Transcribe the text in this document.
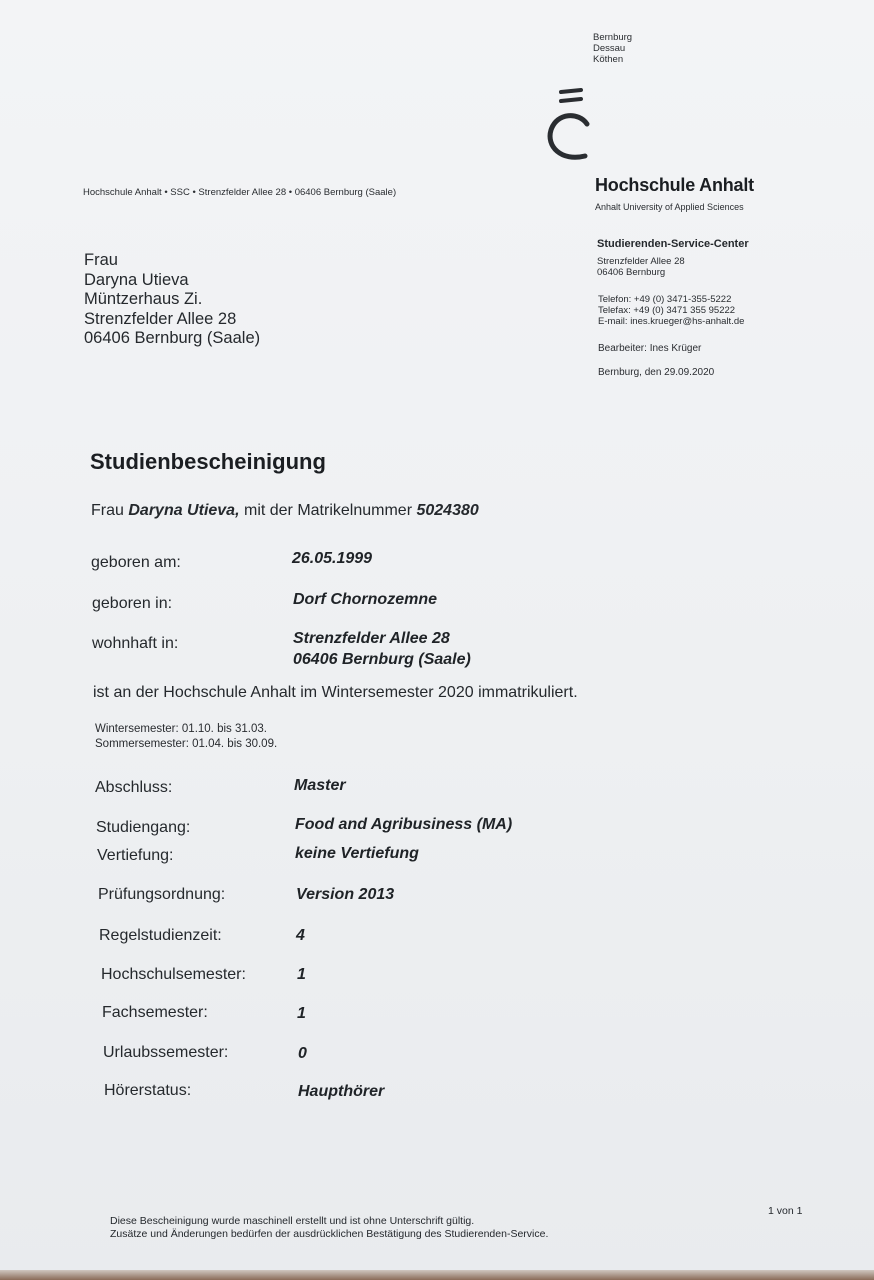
Bernburg
Dessau
Köthen
Hochschule Anhalt
Anhalt University of Applied Sciences
Hochschule Anhalt • SSC • Strenzfelder Allee 28 • 06406 Bernburg (Saale)
Studierenden-Service-Center
Strenzfelder Allee 28
06406 Bernburg
Telefon: +49 (0) 3471-355-5222
Telefax: +49 (0) 3471 355 95222
E-mail: ines.krueger@hs-anhalt.de
Bearbeiter: Ines Krüger
Bernburg, den 29.09.2020
Frau
Daryna Utieva
Müntzerhaus Zi.
Strenzfelder Allee 28
06406 Bernburg (Saale)
Studienbescheinigung
Frau Daryna Utieva, mit der Matrikelnummer 5024380
geboren am:	26.05.1999
geboren in:	Dorf Chornozemne
wohnhaft in:	Strenzfelder Allee 28
06406 Bernburg (Saale)
ist an der Hochschule Anhalt im Wintersemester 2020 immatrikuliert.
Wintersemester: 01.10. bis 31.03.
Sommersemester: 01.04. bis 30.09.
Abschluss:	Master
Studiengang:	Food and Agribusiness (MA)
Vertiefung:	keine Vertiefung
Prüfungsordnung:	Version 2013
Regelstudienzeit:	4
Hochschulsemester:	1
Fachsemester:	1
Urlaubssemester:	0
Hörerstatus:	Haupthörer
Diese Bescheinigung wurde maschinell erstellt und ist ohne Unterschrift gültig.
Zusätze und Änderungen bedürfen der ausdrücklichen Bestätigung des Studierenden-Service.
1 von 1
